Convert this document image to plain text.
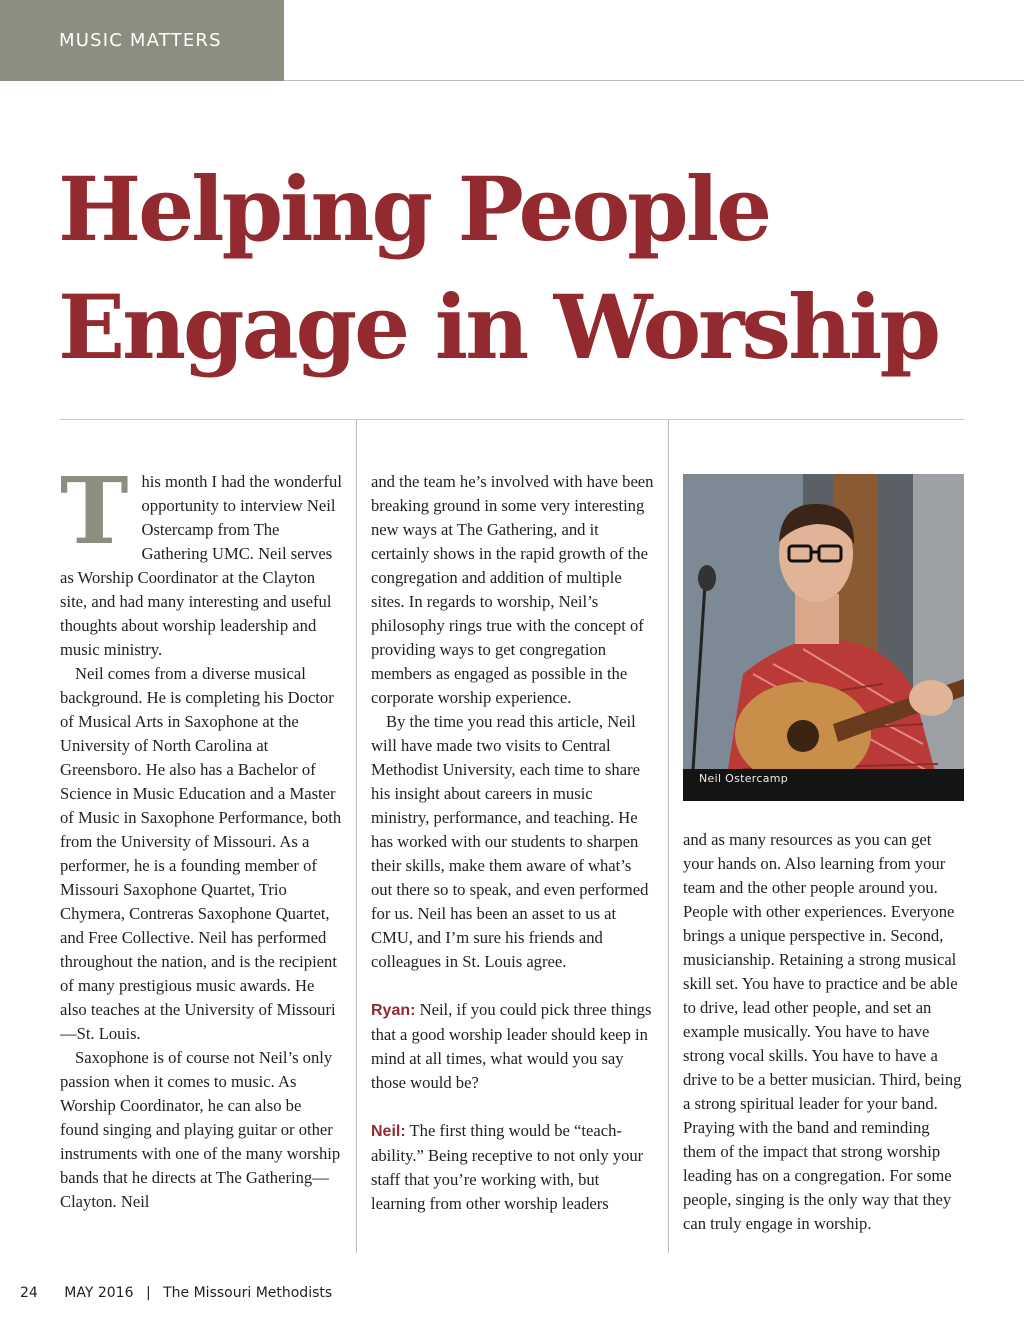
MUSIC MATTERS
Helping People
Engage in Worship
T his month I had the wonderful opportunity to interview Neil Ostercamp from The Gathering UMC. Neil serves as Worship Coordinator at the Clayton site, and had many interesting and useful thoughts about worship leadership and music ministry.

Neil comes from a diverse musical background. He is completing his Doctor of Musical Arts in Saxophone at the University of North Carolina at Greensboro. He also has a Bachelor of Science in Music Education and a Master of Music in Saxophone Performance, both from the University of Missouri. As a performer, he is a founding member of Missouri Saxophone Quartet, Trio Chymera, Contreras Saxophone Quartet, and Free Collective. Neil has performed throughout the nation, and is the recipient of many prestigious music awards. He also teaches at the University of Missouri—St. Louis.

Saxophone is of course not Neil’s only passion when it comes to music. As Worship Coordinator, he can also be found singing and playing guitar or other instruments with one of the many worship bands that he directs at The Gathering—Clayton. Neil

and the team he’s involved with have been breaking ground in some very interesting new ways at The Gathering, and it certainly shows in the rapid growth of the congregation and addition of multiple sites. In regards to worship, Neil’s philosophy rings true with the concept of providing ways to get congregation members as engaged as possible in the corporate worship experience.

By the time you read this article, Neil will have made two visits to Central Methodist University, each time to share his insight about careers in music ministry, performance, and teaching. He has worked with our students to sharpen their skills, make them aware of what’s out there so to speak, and even performed for us. Neil has been an asset to us at CMU, and I’m sure his friends and colleagues in St. Louis agree.

Ryan: Neil, if you could pick three things that a good worship leader should keep in mind at all times, what would you say those would be?

Neil: The first thing would be “teach-ability.” Being receptive to not only your staff that you’re working with, but learning from other worship leaders

Neil Ostercamp

and as many resources as you can get your hands on. Also learning from your team and the other people around you. People with other experiences. Everyone brings a unique perspective in. Second, musicianship. Retaining a strong musical skill set. You have to practice and be able to drive, lead other people, and set an example musically. You have to have strong vocal skills. You have to have a drive to be a better musician. Third, being a strong spiritual leader for your band. Praying with the band and reminding them of the impact that strong worship leading has on a congregation. For some people, singing is the only way that they can truly engage in worship.

24 MAY 2016 | The Missouri Methodists
